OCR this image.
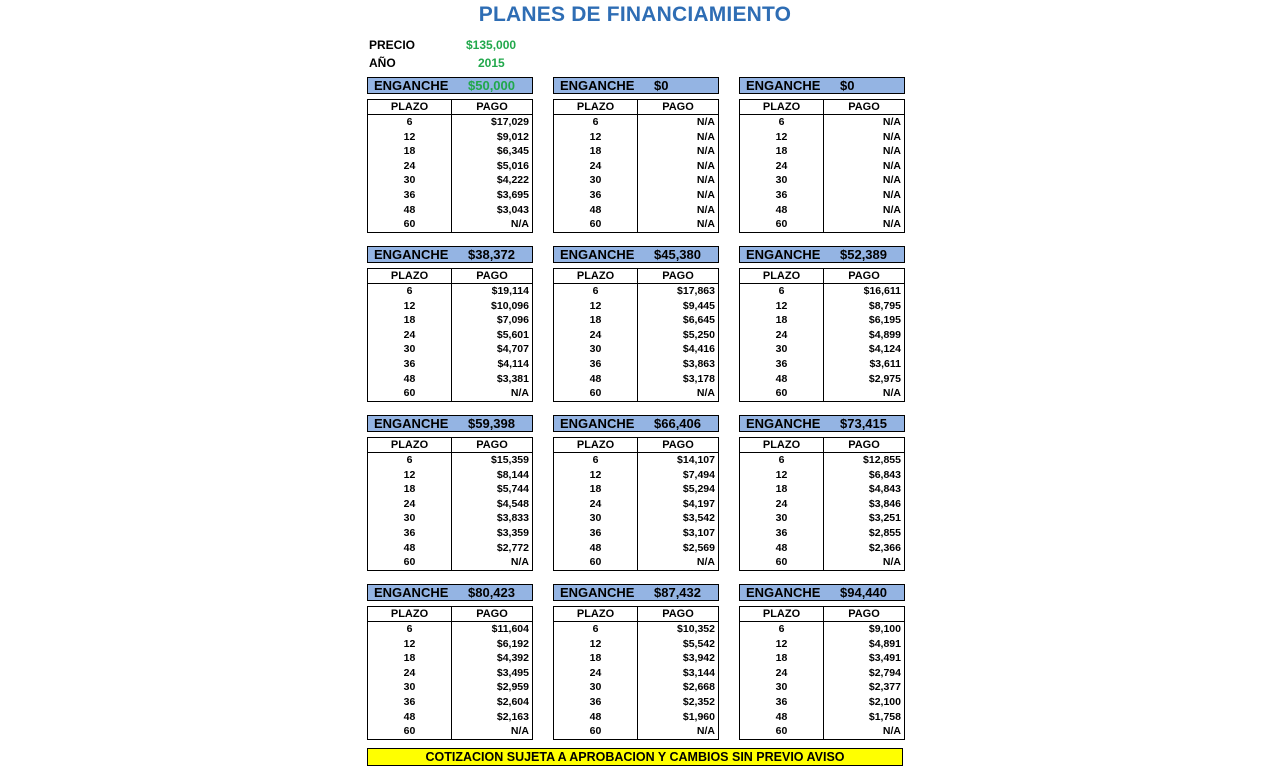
PLANES DE FINANCIAMIENTO
PRECIO	$135,000
AÑO	2015
ENGANCHE	$50,000
PLAZO	PAGO
6	$17,029
12	$9,012
18	$6,345
24	$5,016
30	$4,222
36	$3,695
48	$3,043
60	N/A
ENGANCHE	$0
PLAZO	PAGO
6	N/A
12	N/A
18	N/A
24	N/A
30	N/A
36	N/A
48	N/A
60	N/A
ENGANCHE	$0
PLAZO	PAGO
6	N/A
12	N/A
18	N/A
24	N/A
30	N/A
36	N/A
48	N/A
60	N/A
ENGANCHE	$38,372
PLAZO	PAGO
6	$19,114
12	$10,096
18	$7,096
24	$5,601
30	$4,707
36	$4,114
48	$3,381
60	N/A
ENGANCHE	$45,380
PLAZO	PAGO
6	$17,863
12	$9,445
18	$6,645
24	$5,250
30	$4,416
36	$3,863
48	$3,178
60	N/A
ENGANCHE	$52,389
PLAZO	PAGO
6	$16,611
12	$8,795
18	$6,195
24	$4,899
30	$4,124
36	$3,611
48	$2,975
60	N/A
ENGANCHE	$59,398
PLAZO	PAGO
6	$15,359
12	$8,144
18	$5,744
24	$4,548
30	$3,833
36	$3,359
48	$2,772
60	N/A
ENGANCHE	$66,406
PLAZO	PAGO
6	$14,107
12	$7,494
18	$5,294
24	$4,197
30	$3,542
36	$3,107
48	$2,569
60	N/A
ENGANCHE	$73,415
PLAZO	PAGO
6	$12,855
12	$6,843
18	$4,843
24	$3,846
30	$3,251
36	$2,855
48	$2,366
60	N/A
ENGANCHE	$80,423
PLAZO	PAGO
6	$11,604
12	$6,192
18	$4,392
24	$3,495
30	$2,959
36	$2,604
48	$2,163
60	N/A
ENGANCHE	$87,432
PLAZO	PAGO
6	$10,352
12	$5,542
18	$3,942
24	$3,144
30	$2,668
36	$2,352
48	$1,960
60	N/A
ENGANCHE	$94,440
PLAZO	PAGO
6	$9,100
12	$4,891
18	$3,491
24	$2,794
30	$2,377
36	$2,100
48	$1,758
60	N/A
COTIZACION SUJETA A APROBACION Y CAMBIOS SIN PREVIO AVISO
